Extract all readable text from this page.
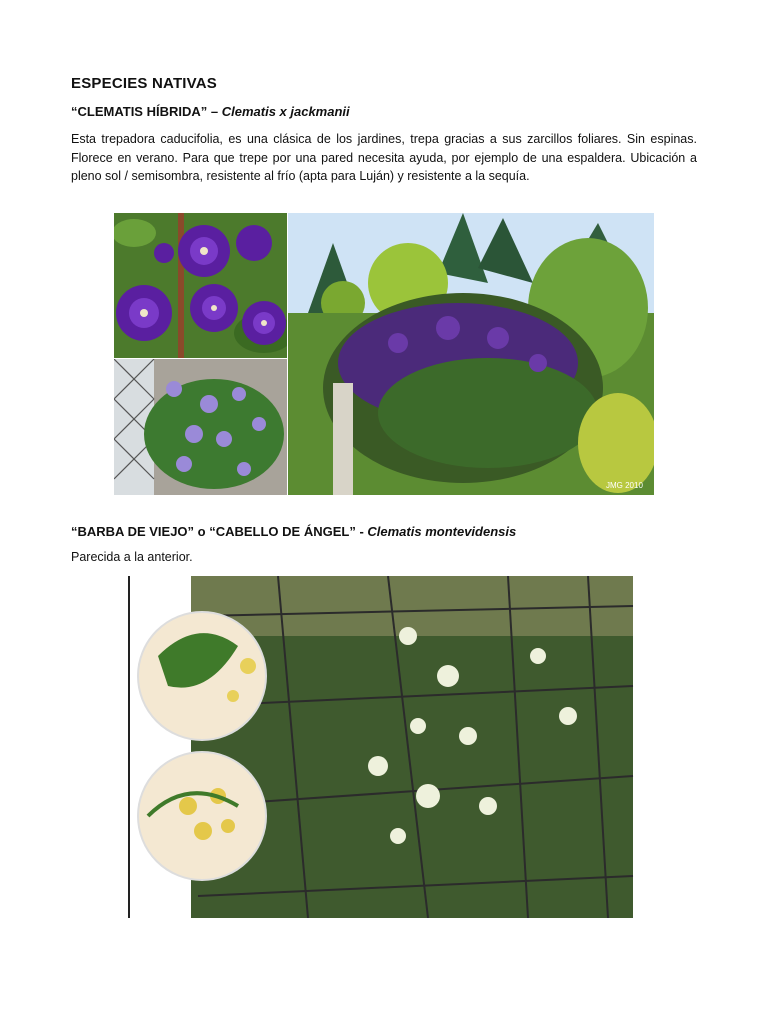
ESPECIES NATIVAS
“CLEMATIS HÍBRIDA” – Clematis x jackmanii
Esta trepadora caducifolia, es una clásica de los jardines, trepa gracias a sus zarcillos foliares. Sin espinas. Florece en verano. Para que trepe por una pared necesita ayuda, por ejemplo de una espaldera. Ubicación a pleno sol / semisombra, resistente al frío (apta para Luján) y resistente a la sequía.
JMG 2010
“BARBA DE VIEJO” o “CABELLO DE ÁNGEL” - Clematis montevidensis
Parecida a la anterior.
